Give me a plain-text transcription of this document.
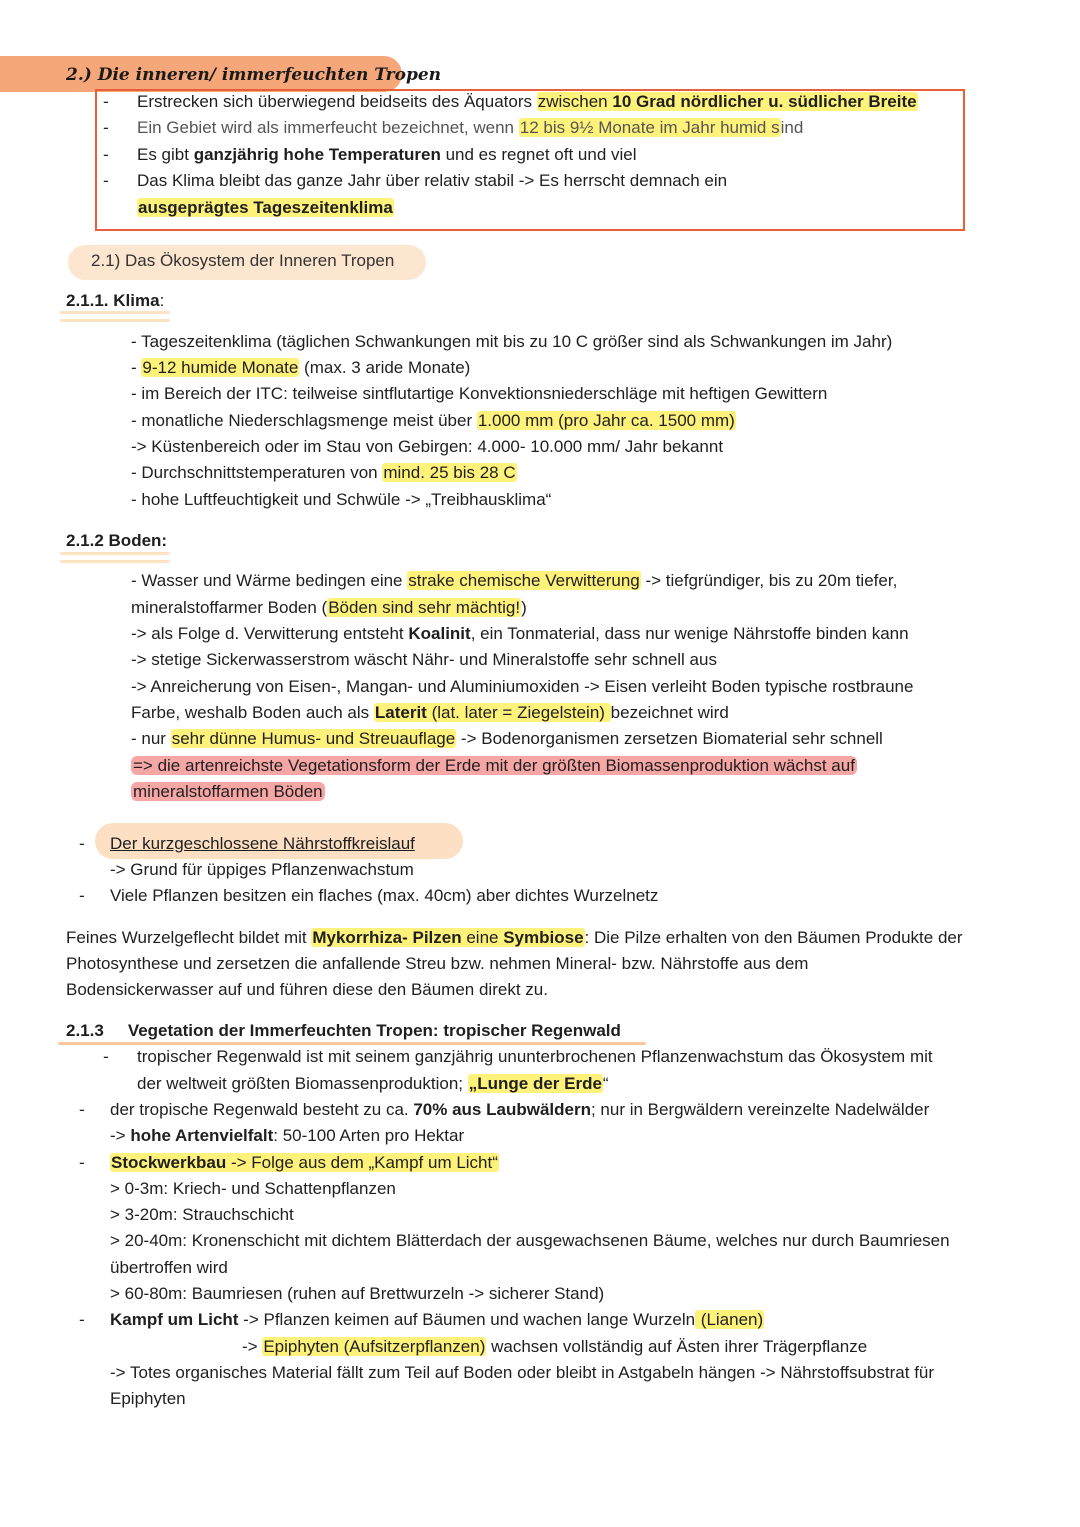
2.) Die inneren/ immerfeuchten Tropen
- Erstrecken sich überwiegend beidseits des Äquators zwischen 10 Grad nördlicher u. südlicher Breite
- Ein Gebiet wird als immerfeucht bezeichnet, wenn 12 bis 9½ Monate im Jahr humid sind
- Es gibt ganzjährig hohe Temperaturen und es regnet oft und viel
- Das Klima bleibt das ganze Jahr über relativ stabil -> Es herrscht demnach ein
ausgeprägtes Tageszeitenklima
2.1) Das Ökosystem der Inneren Tropen
2.1.1. Klima:
- Tageszeitenklima (täglichen Schwankungen mit bis zu 10 C größer sind als Schwankungen im Jahr)
- 9-12 humide Monate (max. 3 aride Monate)
- im Bereich der ITC: teilweise sintflutartige Konvektionsniederschläge mit heftigen Gewittern
- monatliche Niederschlagsmenge meist über 1.000 mm (pro Jahr ca. 1500 mm)
-> Küstenbereich oder im Stau von Gebirgen: 4.000- 10.000 mm/ Jahr bekannt
- Durchschnittstemperaturen von mind. 25 bis 28 C
- hohe Luftfeuchtigkeit und Schwüle -> „Treibhausklima“
2.1.2 Boden:
- Wasser und Wärme bedingen eine strake chemische Verwitterung -> tiefgründiger, bis zu 20m tiefer,
mineralstoffarmer Boden (Böden sind sehr mächtig!)
-> als Folge d. Verwitterung entsteht Koalinit, ein Tonmaterial, dass nur wenige Nährstoffe binden kann
-> stetige Sickerwasserstrom wäscht Nähr- und Mineralstoffe sehr schnell aus
-> Anreicherung von Eisen-, Mangan- und Aluminiumoxiden -> Eisen verleiht Boden typische rostbraune
Farbe, weshalb Boden auch als Laterit (lat. later = Ziegelstein) bezeichnet wird
- nur sehr dünne Humus- und Streuauflage -> Bodenorganismen zersetzen Biomaterial sehr schnell
=> die artenreichste Vegetationsform der Erde mit der größten Biomassenproduktion wächst auf
mineralstoffarmen Böden
- Der kurzgeschlossene Nährstoffkreislauf
-> Grund für üppiges Pflanzenwachstum
- Viele Pflanzen besitzen ein flaches (max. 40cm) aber dichtes Wurzelnetz
Feines Wurzelgeflecht bildet mit Mykorrhiza- Pilzen eine Symbiose: Die Pilze erhalten von den Bäumen Produkte der
Photosynthese und zersetzen die anfallende Streu bzw. nehmen Mineral- bzw. Nährstoffe aus dem
Bodensickerwasser auf und führen diese den Bäumen direkt zu.
2.1.3 Vegetation der Immerfeuchten Tropen: tropischer Regenwald
- tropischer Regenwald ist mit seinem ganzjährig ununterbrochenen Pflanzenwachstum das Ökosystem mit
der weltweit größten Biomassenproduktion; „Lunge der Erde“
- der tropische Regenwald besteht zu ca. 70% aus Laubwäldern; nur in Bergwäldern vereinzelte Nadelwälder
-> hohe Artenvielfalt: 50-100 Arten pro Hektar
- Stockwerkbau -> Folge aus dem „Kampf um Licht“
> 0-3m: Kriech- und Schattenpflanzen
> 3-20m: Strauchschicht
> 20-40m: Kronenschicht mit dichtem Blätterdach der ausgewachsenen Bäume, welches nur durch Baumriesen
übertroffen wird
> 60-80m: Baumriesen (ruhen auf Brettwurzeln -> sicherer Stand)
- Kampf um Licht -> Pflanzen keimen auf Bäumen und wachen lange Wurzeln (Lianen)
-> Epiphyten (Aufsitzerpflanzen) wachsen vollständig auf Ästen ihrer Trägerpflanze
-> Totes organisches Material fällt zum Teil auf Boden oder bleibt in Astgabeln hängen -> Nährstoffsubstrat für
Epiphyten
